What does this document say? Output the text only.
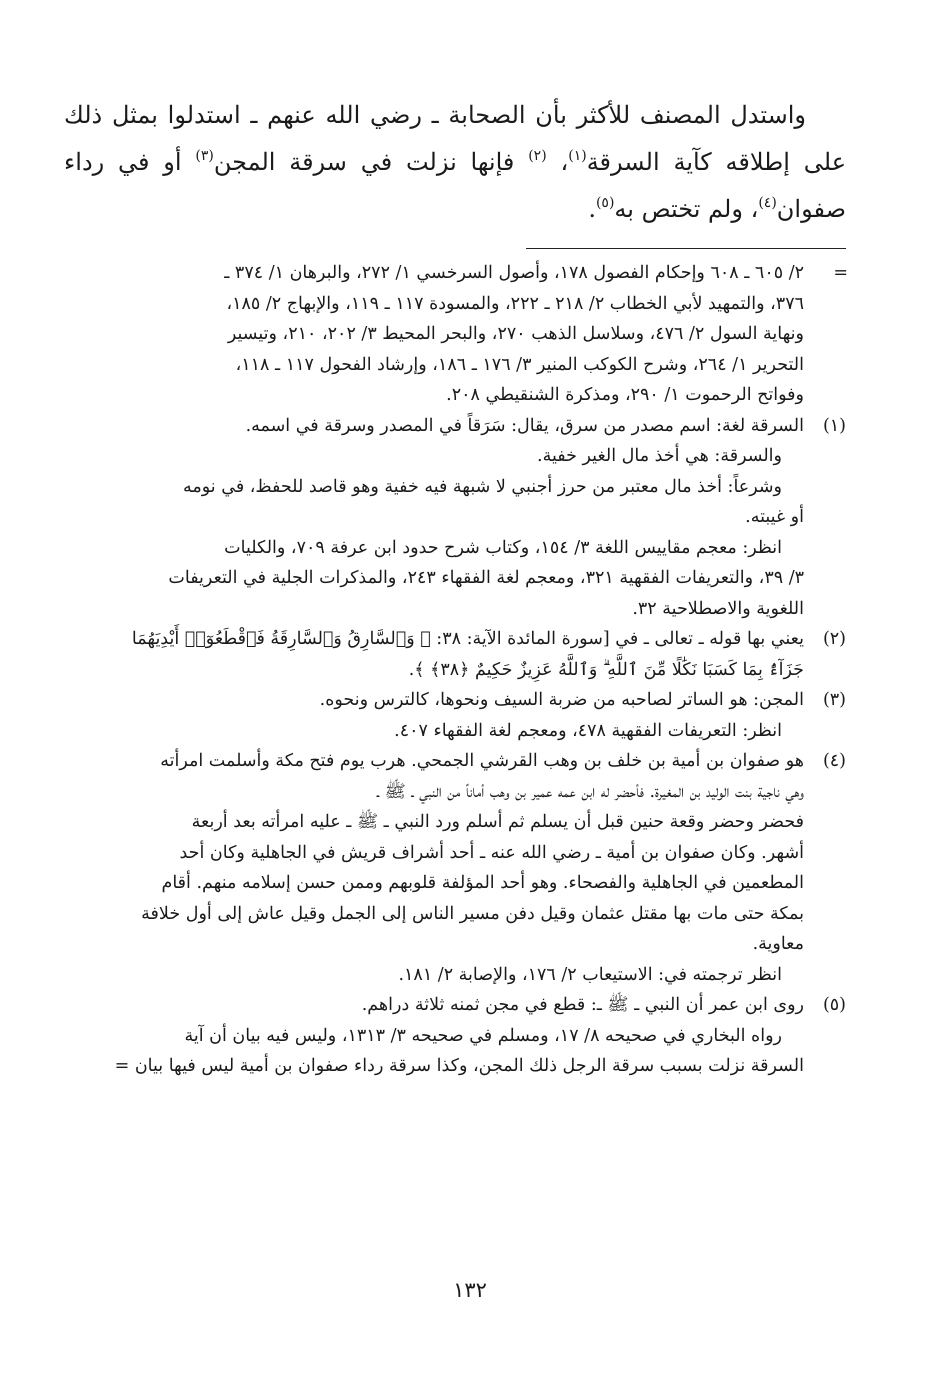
واستدل المصنف للأكثر بأن الصحابة ـ رضي الله عنهم ـ استدلوا بمثل ذلك على إطلاقه كآية السرقة$^{(١)}$، $^{(٢)}$ فإنها نزلت في سرقة المجن$^{(٣)}$ أو في رداء صفوان$^{(٤)}$، ولم تختص به$^{(٥)}$.

=
٢/ ٦٠٥ ـ ٦٠٨ وإحكام الفصول ١٧٨، وأصول السرخسي ١/ ٢٧٢، والبرهان ١/ ٣٧٤ ـ
٣٧٦، والتمهيد لأبي الخطاب ٢/ ٢١٨ ـ ٢٢٢، والمسودة ١١٧ ـ ١١٩، والإبهاج ٢/ ١٨٥،
ونهاية السول ٢/ ٤٧٦، وسلاسل الذهب ٢٧٠، والبحر المحيط ٣/ ٢٠٢، ٢١٠، وتيسير
التحرير ١/ ٢٦٤، وشرح الكوكب المنير ٣/ ١٧٦ ـ ١٨٦، وإرشاد الفحول ١١٧ ـ ١١٨،
وفواتح الرحموت ١/ ٢٩٠، ومذكرة الشنقيطي ٢٠٨.
(١)
السرقة لغة: اسم مصدر من سرق، يقال: سَرَقاً في المصدر وسرقة في اسمه.
والسرقة: هي أخذ مال الغير خفية.
وشرعاً: أخذ مال معتبر من حرز أجنبي لا شبهة فيه خفية وهو قاصد للحفظ، في نومه
أو غيبته.
انظر: معجم مقاييس اللغة ٣/ ١٥٤، وكتاب شرح حدود ابن عرفة ٧٠٩، والكليات
٣/ ٣٩، والتعريفات الفقهية ٣٢١، ومعجم لغة الفقهاء ٢٤٣، والمذكرات الجلية في التعريفات
اللغوية والاصطلاحية ٣٢.
(٢)
يعني بها قوله ـ تعالى ـ في [سورة المائدة الآية: ٣٨: ﴿ وَٱلسَّارِقُ وَٱلسَّارِقَةُ فَٱقْطَعُوٓا۟ أَيْدِيَهُمَا
جَزَآءًۢ بِمَا كَسَبَا نَكَٰلًا مِّنَ ٱللَّهِ ۗ وَٱللَّهُ عَزِيزٌ حَكِيمٌ ﴿٣٨﴾ ﴾.
(٣)
المجن: هو الساتر لصاحبه من ضربة السيف ونحوها، كالترس ونحوه.
انظر: التعريفات الفقهية ٤٧٨، ومعجم لغة الفقهاء ٤٠٧.
(٤)
هو صفوان بن أمية بن خلف بن وهب القرشي الجمحي. هرب يوم فتح مكة وأسلمت امرأته
وهي ناجية بنت الوليد بن المغيرة. فأحضر له ابن عمه عمير بن وهب أماناً من النبي ـ ﷺ ـ
فحضر وحضر وقعة حنين قبل أن يسلم ثم أسلم ورد النبي ـ ﷺ ـ عليه امرأته بعد أربعة
أشهر. وكان صفوان بن أمية ـ رضي الله عنه ـ أحد أشراف قريش في الجاهلية وكان أحد
المطعمين في الجاهلية والفصحاء. وهو أحد المؤلفة قلوبهم وممن حسن إسلامه منهم. أقام
بمكة حتى مات بها مقتل عثمان وقيل دفن مسير الناس إلى الجمل وقيل عاش إلى أول خلافة
معاوية.
انظر ترجمته في: الاستيعاب ٢/ ١٧٦، والإصابة ٢/ ١٨١.
(٥)
روى ابن عمر أن النبي ـ ﷺ ـ: قطع في مجن ثمنه ثلاثة دراهم.
رواه البخاري في صحيحه ٨/ ١٧، ومسلم في صحيحه ٣/ ١٣١٣، وليس فيه بيان أن آية
السرقة نزلت بسبب سرقة الرجل ذلك المجن، وكذا سرقة رداء صفوان بن أمية ليس فيها بيان =
١٣٢
